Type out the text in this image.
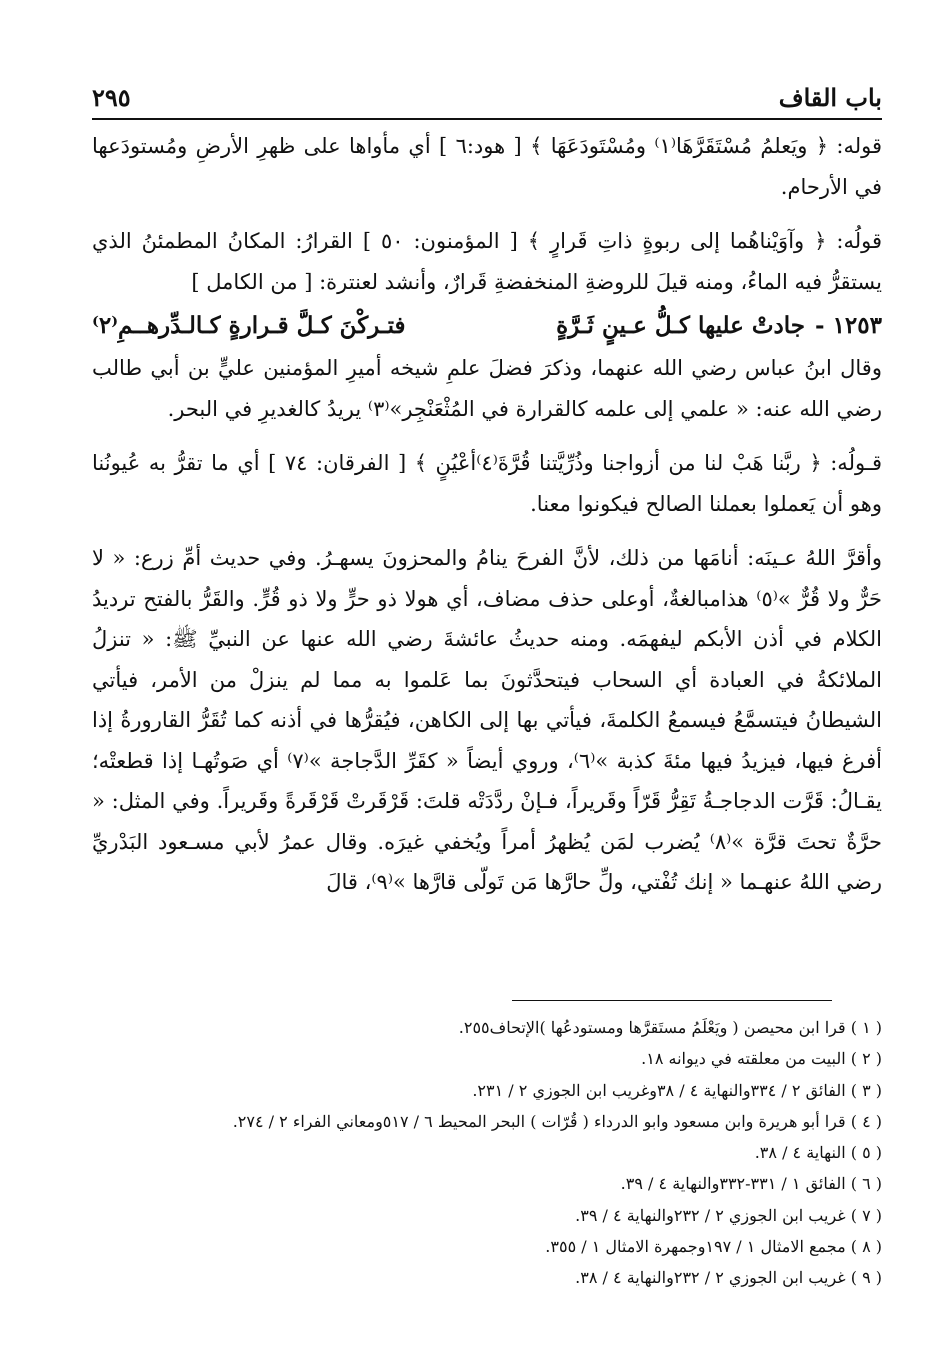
باب القاف
٢٩٥

قوله: ﴿ ويَعلمُ مُسْتَقَرَّهَا⁽١⁾ ومُسْتَودَعَهَا ﴾ [ هود:٦ ] أي مأواها على ظهرِ الأرضِ ومُستودَعها في الأرحام.

قولُه: ﴿ وآوَيْناهُما إلى ربوةٍ ذاتِ قَرارٍ ﴾ [ المؤمنون: ٥٠ ] القرارُ: المكانُ المطمئنُ الذي يستقرُّ فيه الماءُ، ومنه قيلَ للروضةِ المنخفضةِ قَرارٌ، وأنشد لعنترة: [ من الكامل ]

١٢٥٣ -
جادتْ عليها كـلُّ عـينٍ ثَـرَّةٍ
فتـركْنَ كـلَّ قـرارةٍ كـالـدِّرهــمِ⁽٢⁾

وقال ابنُ عباس رضي الله عنهما، وذكرَ فضلَ علمِ شيخه أميرِ المؤمنين عليٍّ بن أبي طالب رضي الله عنه: « علمي إلى علمه كالقرارة في المُثْعَنْجِر»⁽٣⁾ يريدُ كالغديرِ في البحر.

قـولُه: ﴿ ربَّنا هَبْ لنا من أزواجنا وذُرِّيَّتنا قُرَّةَ⁽٤⁾أعْيُنٍ ﴾ [ الفرقان: ٧٤ ] أي ما تقرُّ به عُيونُنا وهو أن يَعملوا بعملنا الصالح فيكونوا معنا.

وأقرَّ اللهُ عـينَه: أنامَها من ذلك، لأنَّ الفرحَ ينامُ والمحزونَ يسهـرُ. وفي حديث أمِّ زرع: « لا حَرٌّ ولا قُرٌّ »⁽٥⁾ هذامبالغةٌ، أوعلى حذف مضاف، أي هولا ذو حرٍّ ولا ذو قُرٍّ. والقَرُّ بالفتح ترديدُ الكلام في أذن الأبكم ليفهمَه. ومنه حديثُ عائشةَ رضي الله عنها عن النبيِّ ﷺ: « تنزلُ الملائكةُ في العبادة أي السحاب فيتحدَّثونَ بما عَلموا به مما لم ينزلْ من الأمر، فيأتي الشيطانُ فيتسمَّعُ فيسمعُ الكلمةَ، فيأتي بها إلى الكاهن، فيُقرُّها في أذنه كما تُقَرُّ القارورةُ إذا أفرغ فيها، فيزيدُ فيها مئةَ كذبة »⁽٦⁾، وروي أيضاً « كقَرِّ الدَّجاجة »⁽٧⁾ أي صَوتُهـا إذا قطعتْه؛ يقـالُ: قَرَّت الدجاجـةُ تَقِرُّ قَرّاً وقَريراً، فـإنْ ردَّدَتْه قلتَ: قَرْقَرتْ قَرْقَرةً وقَريراً. وفي المثل: « حرَّةٌ تحتَ قرَّة »⁽٨⁾ يُضرب لمَن يُظهرُ أمراً ويُخفي غيرَه. وقال عمرُ لأبي مسـعود البَدْريِّ رضي اللهُ عنهـما « إنك تُفْتي، ولِّ حارَّها مَن تَولّى قارَّها »⁽٩⁾، قالَ

( ١ ) قرا ابن محيصن ( ويَعْلَمُ مستَقرَّها ومستودعُها )الإتحاف٢٥٥.
( ٢ ) البيت من معلقته في ديوانه ١٨.
( ٣ ) الفائق ٢ / ٣٣٤والنهاية ٤ / ٣٨وغريب ابن الجوزي ٢ / ٢٣١.
( ٤ ) قرا أبو هريرة وابن مسعود وابو الدرداء ( قُرّات ) البحر المحيط ٦ / ٥١٧ومعاني الفراء ٢ / ٢٧٤.
( ٥ ) النهاية ٤ / ٣٨.
( ٦ ) الفائق ١ / ٣٣١-٣٣٢والنهاية ٤ / ٣٩.
( ٧ ) غريب ابن الجوزي ٢ / ٢٣٢والنهاية ٤ / ٣٩.
( ٨ ) مجمع الامثال ١ / ١٩٧وجمهرة الامثال ١ / ٣٥٥.
( ٩ ) غريب ابن الجوزي ٢ / ٢٣٢والنهاية ٤ / ٣٨.
